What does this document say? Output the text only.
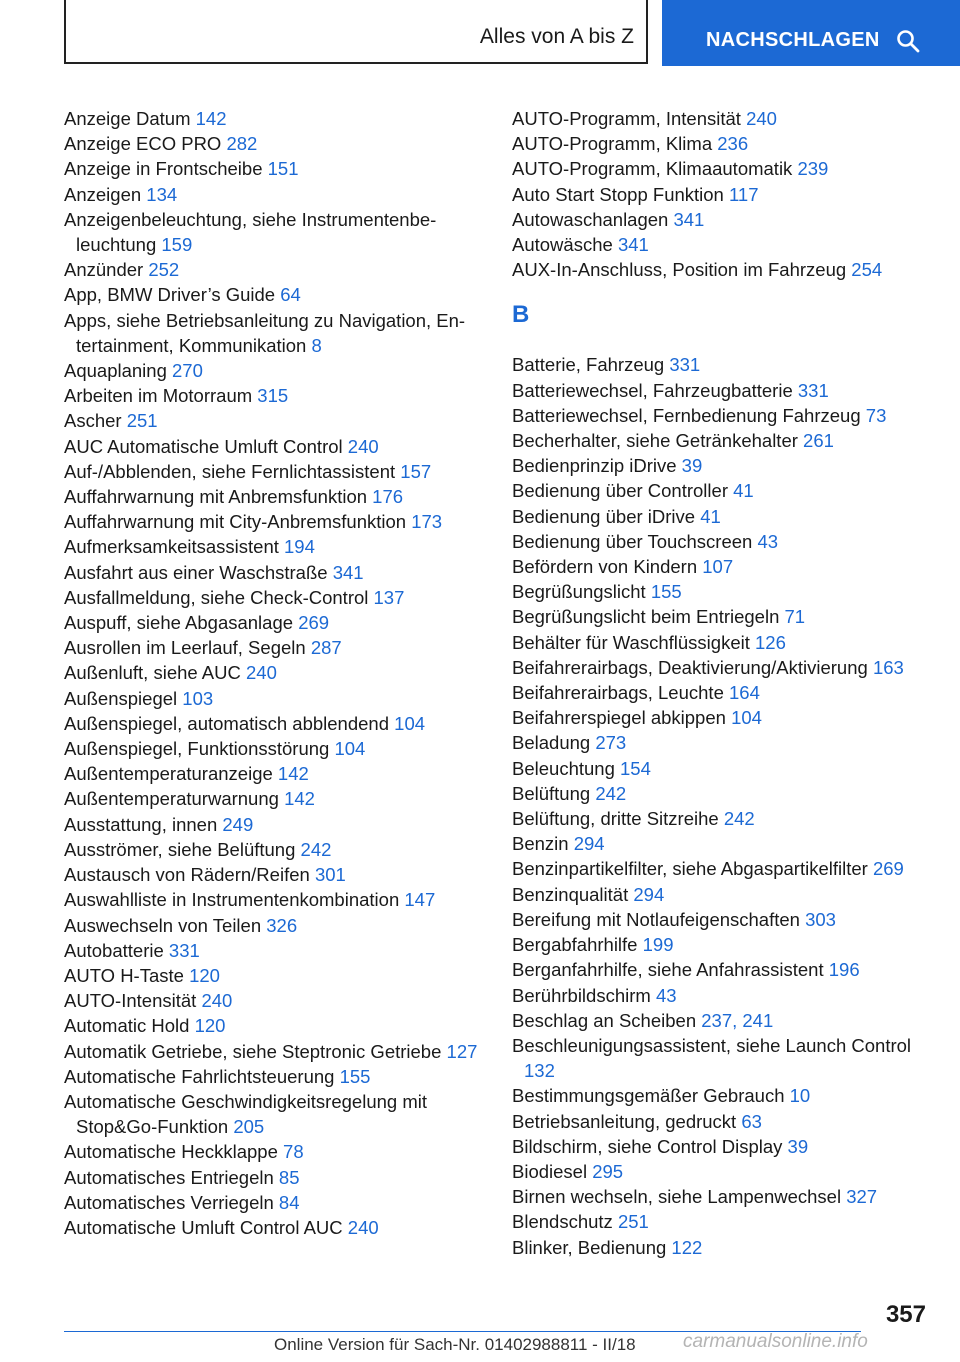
Alles von A bis Z	NACHSCHLAGEN
Anzeige Datum 142
Anzeige ECO PRO 282
Anzeige in Frontscheibe 151
Anzeigen 134
Anzeigenbeleuchtung, siehe Instrumentenbeleuchtung 159
Anzünder 252
App, BMW Driver’s Guide 64
Apps, siehe Betriebsanleitung zu Navigation, Entertainment, Kommunikation 8
Aquaplaning 270
Arbeiten im Motorraum 315
Ascher 251
AUC Automatische Umluft Control 240
Auf-/Abblenden, siehe Fernlichtassistent 157
Auffahrwarnung mit Anbremsfunktion 176
Auffahrwarnung mit City-Anbremsfunktion 173
Aufmerksamkeitsassistent 194
Ausfahrt aus einer Waschstraße 341
Ausfallmeldung, siehe Check-Control 137
Auspuff, siehe Abgasanlage 269
Ausrollen im Leerlauf, Segeln 287
Außenluft, siehe AUC 240
Außenspiegel 103
Außenspiegel, automatisch abblendend 104
Außenspiegel, Funktionsstörung 104
Außentemperaturanzeige 142
Außentemperaturwarnung 142
Ausstattung, innen 249
Ausströmer, siehe Belüftung 242
Austausch von Rädern/Reifen 301
Auswahlliste in Instrumentenkombination 147
Auswechseln von Teilen 326
Autobatterie 331
AUTO H-Taste 120
AUTO-Intensität 240
Automatic Hold 120
Automatik Getriebe, siehe Steptronic Getriebe 127
Automatische Fahrlichtsteuerung 155
Automatische Geschwindigkeitsregelung mit Stop&Go-Funktion 205
Automatische Heckklappe 78
Automatisches Entriegeln 85
Automatisches Verriegeln 84
Automatische Umluft Control AUC 240
AUTO-Programm, Intensität 240
AUTO-Programm, Klima 236
AUTO-Programm, Klimaautomatik 239
Auto Start Stopp Funktion 117
Autowaschanlagen 341
Autowäsche 341
AUX-In-Anschluss, Position im Fahrzeug 254
B
Batterie, Fahrzeug 331
Batteriewechsel, Fahrzeugbatterie 331
Batteriewechsel, Fernbedienung Fahrzeug 73
Becherhalter, siehe Getränkehalter 261
Bedienprinzip iDrive 39
Bedienung über Controller 41
Bedienung über iDrive 41
Bedienung über Touchscreen 43
Befördern von Kindern 107
Begrüßungslicht 155
Begrüßungslicht beim Entriegeln 71
Behälter für Waschflüssigkeit 126
Beifahrerairbags, Deaktivierung/Aktivierung 163
Beifahrerairbags, Leuchte 164
Beifahrerspiegel abkippen 104
Beladung 273
Beleuchtung 154
Belüftung 242
Belüftung, dritte Sitzreihe 242
Benzin 294
Benzinpartikelfilter, siehe Abgaspartikelfilter 269
Benzinqualität 294
Bereifung mit Notlaufeigenschaften 303
Bergabfahrhilfe 199
Berganfahrhilfe, siehe Anfahrassistent 196
Berührbildschirm 43
Beschlag an Scheiben 237, 241
Beschleunigungsassistent, siehe Launch Control 132
Bestimmungsgemäßer Gebrauch 10
Betriebsanleitung, gedruckt 63
Bildschirm, siehe Control Display 39
Biodiesel 295
Birnen wechseln, siehe Lampenwechsel 327
Blendschutz 251
Blinker, Bedienung 122
357
Online Version für Sach-Nr. 01402988811 - II/18 carmanualsonline.info
